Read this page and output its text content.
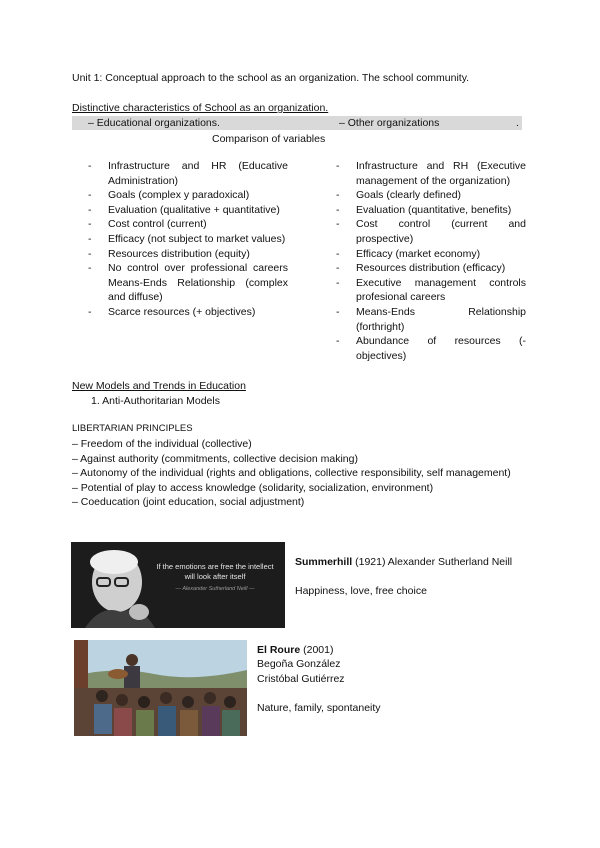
Unit 1: Conceptual approach to the school as an organization. The school community.
Distinctive characteristics of School as an organization.
– Educational organizations.	– Other organizations	.
Comparison of variables
- Infrastructure and HR (Educative Administration)
- Goals (complex y paradoxical)
- Evaluation (qualitative + quantitative)
- Cost control (current)
- Efficacy (not subject to market values)
- Resources distribution (equity)
- No control over professional careers Means-Ends Relationship (complex and diffuse)
- Scarce resources (+ objectives)
- Infrastructure and RH (Executive management of the organization)
- Goals (clearly defined)
- Evaluation (quantitative, benefits)
- Cost control (current and prospective)
- Efficacy (market economy)
- Resources distribution (efficacy)
- Executive management controls profesional careers
- Means-Ends Relationship (forthright)
- Abundance of resources (- objectives)
New Models and Trends in Education
1. Anti-Authoritarian Models
LIBERTARIAN PRINCIPLES
– Freedom of the individual (collective)
– Against authority (commitments, collective decision making)
– Autonomy of the individual (rights and obligations, collective responsibility, self management)
– Potential of play to access knowledge (solidarity, socialization, environment)
– Coeducation (joint education, social adjustment)
If the emotions are free the intellect will look after itself
— Alexander Sutherland Neill —
Summerhill (1921) Alexander Sutherland Neill
Happiness, love, free choice
El Roure (2001)
Begoña González
Cristóbal Gutiérrez
Nature, family, spontaneity
